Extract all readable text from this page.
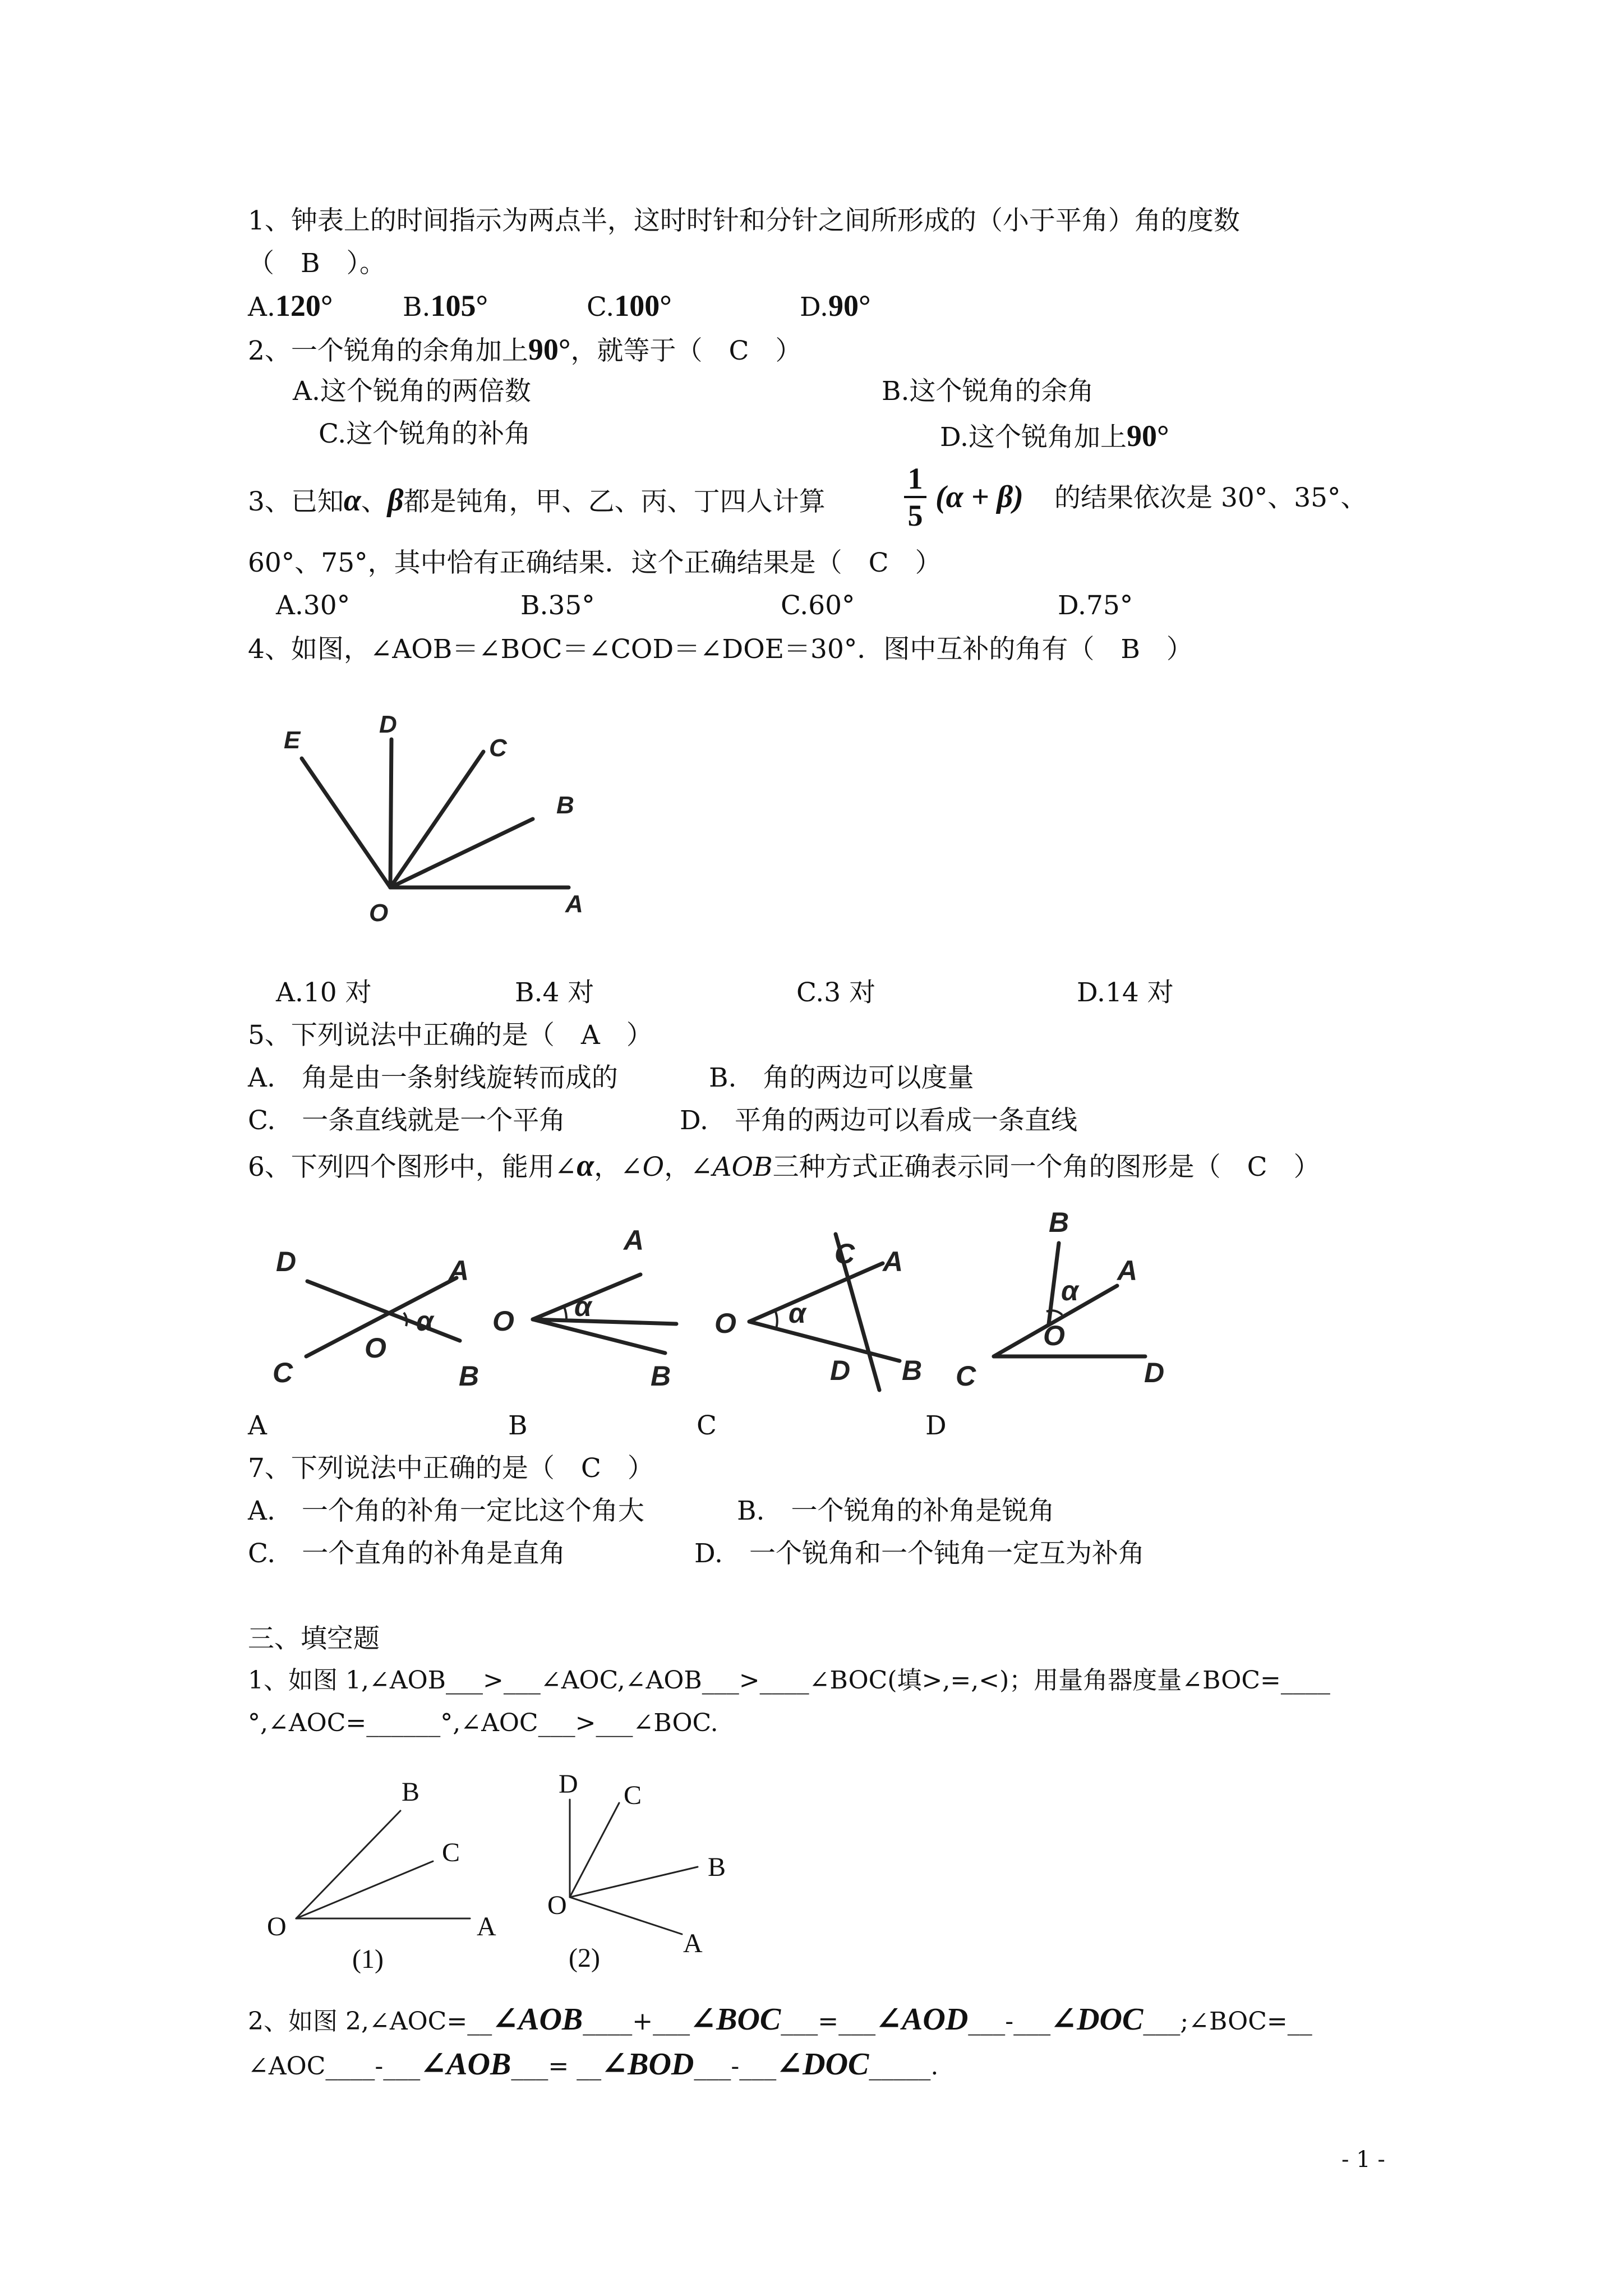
1、钟表上的时间指示为两点半，这时时针和分针之间所形成的（小于平角）角的度数
（　B　）。
A.120°	B.105°	C.100°	D.90°
2、一个锐角的余角加上90°，就等于（　C　）
A.这个锐角的两倍数	B.这个锐角的余角
C.这个锐角的补角	D.这个锐角加上90°
3、已知α、β都是钝角，甲、乙、丙、丁四人计算
1
5
(α + β) 的结果依次是 30°、35°、
60°、75°，其中恰有正确结果．这个正确结果是（　C　）
A.30°	B.35°	C.60°	D.75°
4、如图，∠AOB＝∠BOC＝∠COD＝∠DOE＝30°．图中互补的角有（　B　）
E
D
C
B
O	A
D	A
α
O
C	B
A
O α
B
C A
O α
D B
B
α
A
O
C	D
B
C
O	A
(1)
D C
B
O
A
(2)
A.10 对	B.4 对	C.3 对	D.14 对
5、下列说法中正确的是（　A　）
A.　角是由一条射线旋转而成的	B.　角的两边可以度量
C.　一条直线就是一个平角	D.　平角的两边可以看成一条直线
6、下列四个图形中，能用∠α，∠O，∠AOB三种方式正确表示同一个角的图形是（　C　）
A	B	C	D
7、下列说法中正确的是（　C　）
A.　一个角的补角一定比这个角大	B.　一个锐角的补角是锐角
C.　一个直角的补角是直角	D.　一个锐角和一个钝角一定互为补角
三、填空题
1、如图 1,∠AOB___>___∠AOC,∠AOB___>____∠BOC(填>,=,<)；用量角器度量∠BOC=____
°,∠AOC=______°,∠AOC___>___∠BOC.
2、如图 2,∠AOC=__∠AOB____+___∠BOC___=___∠AOD___-___∠DOC___;∠BOC=__
∠AOC____-___∠AOB___= __∠BOD___-___∠DOC_____.
- 1 -
